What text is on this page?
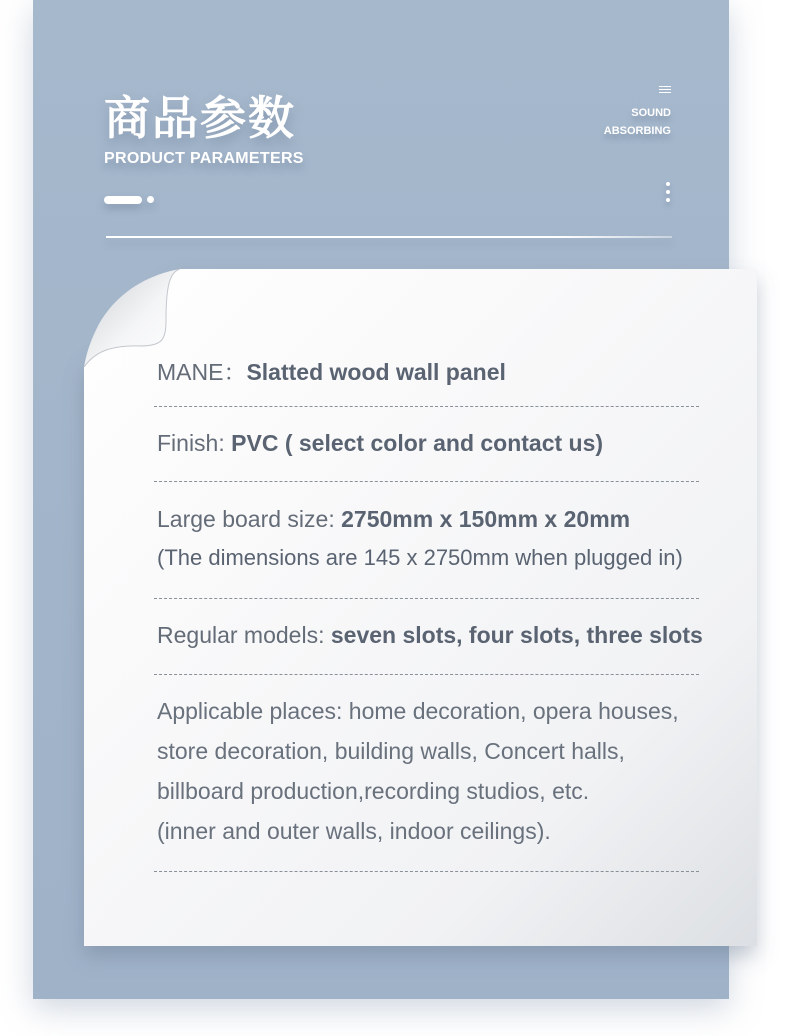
商品参数
PRODUCT PARAMETERS
SOUND
ABSORBING
MANE：Slatted wood wall panel
Finish: PVC ( select color and contact us)
Large board size: 2750mm x 150mm x 20mm
(The dimensions are 145 x 2750mm when plugged in)
Regular models: seven slots, four slots, three slots
Applicable places: home decoration, opera houses,
store decoration, building walls, Concert halls,
billboard production,recording studios, etc.
(inner and outer walls, indoor ceilings).
